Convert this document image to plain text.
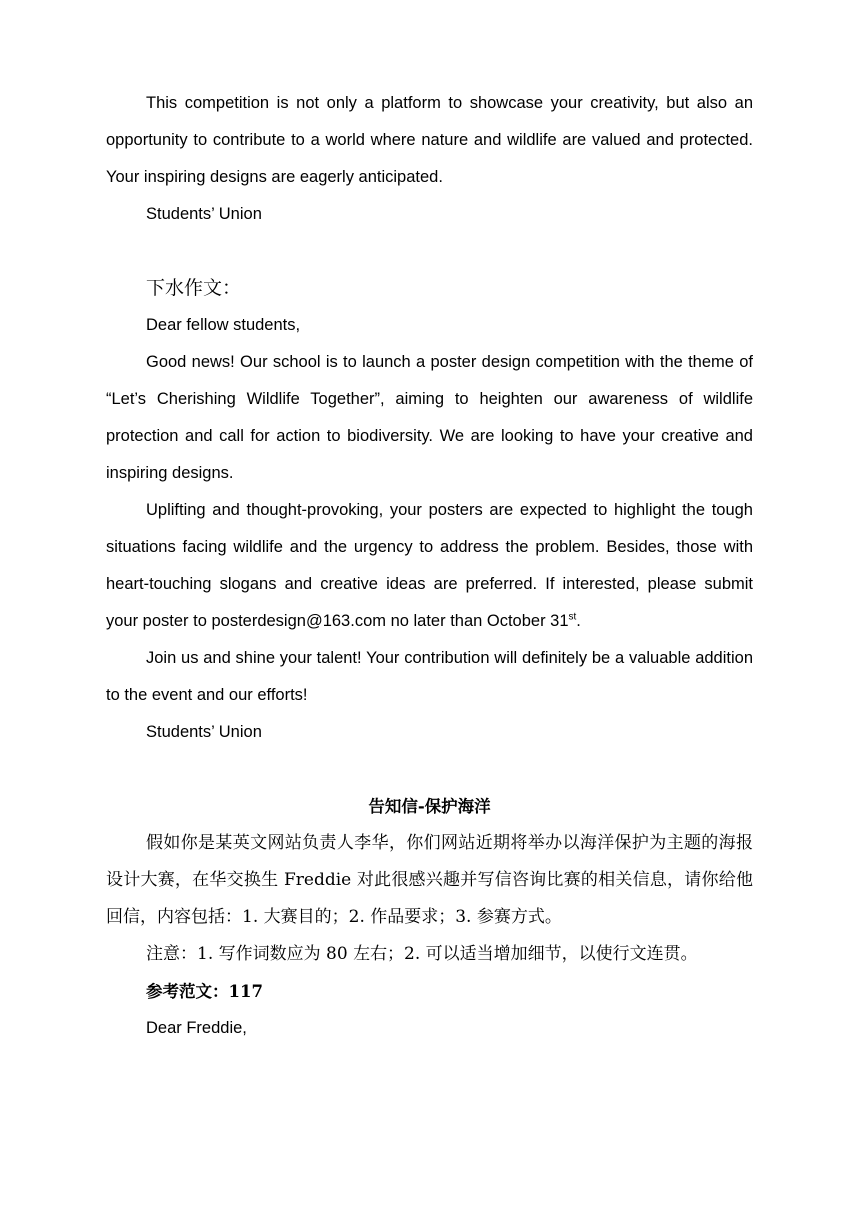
This competition is not only a platform to showcase your creativity, but also an opportunity to contribute to a world where nature and wildlife are valued and protected. Your inspiring designs are eagerly anticipated.

Students’ Union

下水作文：

Dear fellow students,

Good news! Our school is to launch a poster design competition with the theme of “Let’s Cherishing Wildlife Together”, aiming to heighten our awareness of wildlife protection and call for action to biodiversity. We are looking to have your creative and inspiring designs.

Uplifting and thought-provoking, your posters are expected to highlight the tough situations facing wildlife and the urgency to address the problem. Besides, those with heart-touching slogans and creative ideas are preferred. If interested, please submit your poster to posterdesign@163.com no later than October 31st.

Join us and shine your talent! Your contribution will definitely be a valuable addition to the event and our efforts!

Students’ Union

告知信-保护海洋

假如你是某英文网站负责人李华，你们网站近期将举办以海洋保护为主题的海报设计大赛，在华交换生 Freddie 对此很感兴趣并写信咨询比赛的相关信息，请你给他回信，内容包括：1. 大赛目的；2. 作品要求；3. 参赛方式。

注意：1. 写作词数应为 80 左右；2. 可以适当增加细节，以使行文连贯。

参考范文：117

Dear Freddie,
